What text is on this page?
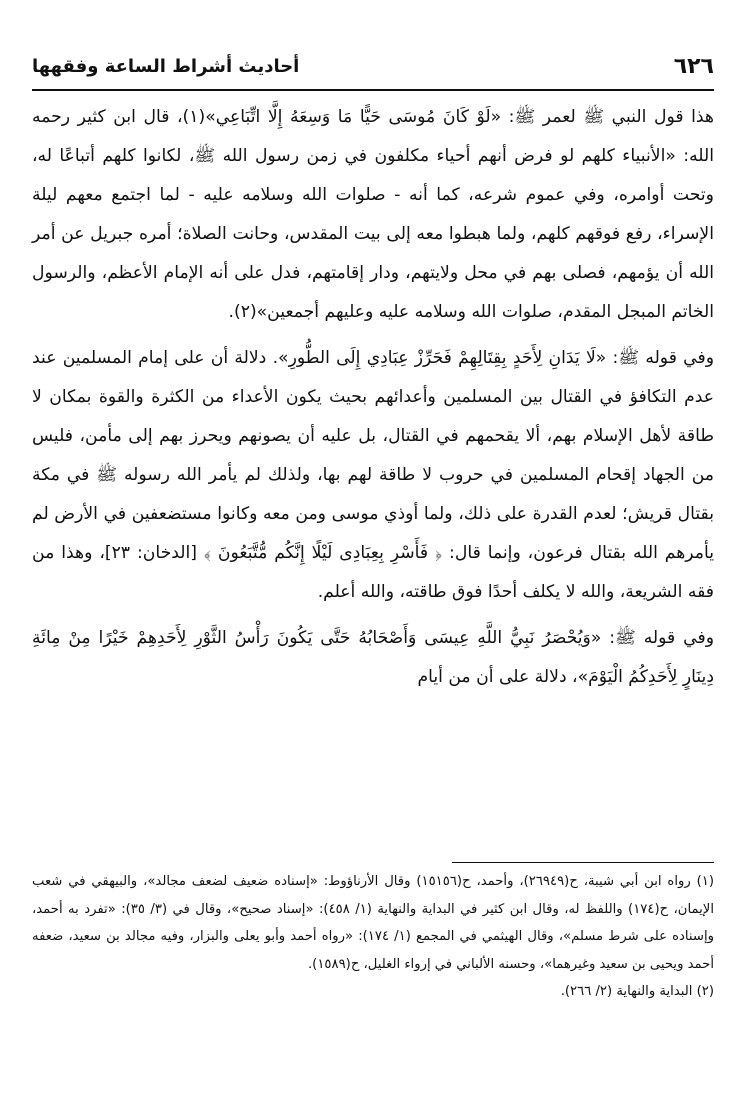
٦٢٦
أحاديث أشراط الساعة وفقهها

هذا قول النبي ﷺ لعمر ﷺ: «لَوْ كَانَ مُوسَى حَيًّا مَا وَسِعَهُ إِلَّا اتِّبَاعِي»(١)، قال ابن كثير رحمه الله: «الأنبياء كلهم لو فرض أنهم أحياء مكلفون في زمن رسول الله ﷺ، لكانوا كلهم أتباعًا له، وتحت أوامره، وفي عموم شرعه، كما أنه - صلوات الله وسلامه عليه - لما اجتمع معهم ليلة الإسراء، رفع فوقهم كلهم، ولما هبطوا معه إلى بيت المقدس، وحانت الصلاة؛ أمره جبريل عن أمر الله أن يؤمهم، فصلى بهم في محل ولايتهم، ودار إقامتهم، فدل على أنه الإمام الأعظم، والرسول الخاتم المبجل المقدم، صلوات الله وسلامه عليه وعليهم أجمعين»(٢).

وفي قوله ﷺ: «لَا يَدَانِ لِأَحَدٍ بِقِتَالِهِمْ فَحَرِّزْ عِبَادِي إِلَى الطُّورِ». دلالة أن على إمام المسلمين عند عدم التكافؤ في القتال بين المسلمين وأعدائهم بحيث يكون الأعداء من الكثرة والقوة بمكان لا طاقة لأهل الإسلام بهم، ألا يقحمهم في القتال، بل عليه أن يصونهم ويحرز بهم إلى مأمن، فليس من الجهاد إقحام المسلمين في حروب لا طاقة لهم بها، ولذلك لم يأمر الله رسوله ﷺ في مكة بقتال قريش؛ لعدم القدرة على ذلك، ولما أوذي موسى ومن معه وكانوا مستضعفين في الأرض لم يأمرهم الله بقتال فرعون، وإنما قال: ﴿ فَأَسْرِ بِعِبَادِى لَيْلًا إِنَّكُم مُّتَّبَعُونَ ﴾ [الدخان: ٢٣]، وهذا من فقه الشريعة، والله لا يكلف أحدًا فوق طاقته، والله أعلم.

وفي قوله ﷺ: «وَيُحْصَرُ نَبِيُّ اللَّهِ عِيسَى وَأَصْحَابُهُ حَتَّى يَكُونَ رَأْسُ الثَّوْرِ لِأَحَدِهِمْ خَيْرًا مِنْ مِائَةِ دِينَارٍ لِأَحَدِكُمُ الْيَوْمَ»، دلالة على أن من أيام

(١) رواه ابن أبي شيبة، ح(٢٦٩٤٩)، وأحمد، ح(١٥١٥٦) وقال الأرناؤوط: «إسناده ضعيف لضعف مجالد»، والبيهقي في شعب الإيمان، ح(١٧٤) واللفظ له، وقال ابن كثير في البداية والنهاية (١/ ٤٥٨): «إسناد صحيح»، وقال في (٣/ ٣٥): «تفرد به أحمد، وإسناده على شرط مسلم»، وقال الهيثمي في المجمع (١/ ١٧٤): «رواه أحمد وأبو يعلى والبزار، وفيه مجالد بن سعيد، ضعفه أحمد ويحيى بن سعيد وغيرهما»، وحسنه الألباني في إرواء الغليل، ح(١٥٨٩).

(٢) البداية والنهاية (٢/ ٢٦٦).
